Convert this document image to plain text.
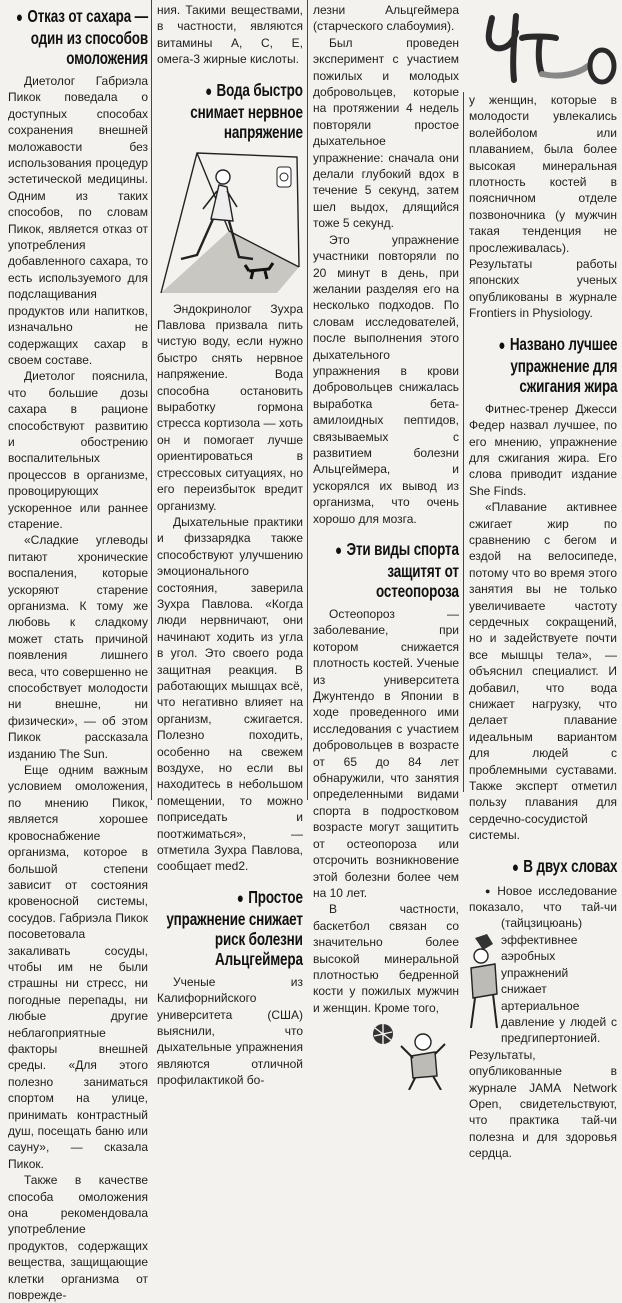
● Отказ от сахара — один из способов омоложения

Диетолог Габриэла Пикок поведала о доступных способах сохранения внешней моложавости без использования процедур эстетической медицины. Одним из таких способов, по словам Пикок, является отказ от употребления добавленного сахара, то есть используемого для подслащивания продуктов или напитков, изначально не содержащих сахар в своем составе.

Диетолог пояснила, что большие дозы сахара в рационе способствуют развитию и обострению воспалительных процессов в организме, провоцирующих ускоренное или раннее старение.

«Сладкие углеводы питают хронические воспаления, которые ускоряют старение организма. К тому же любовь к сладкому может стать причиной появления лишнего веса, что совершенно не способствует молодости ни внешне, ни физически», — об этом Пикок рассказала изданию The Sun.

Еще одним важным условием омоложения, по мнению Пикок, является хорошее кровоснабжение организма, которое в большой степени зависит от состояния кровеносной системы, сосудов. Габриэла Пикок посоветовала закаливать сосуды, чтобы им не были страшны ни стресс, ни погодные перепады, ни любые другие неблагоприятные факторы внешней среды. «Для этого полезно заниматься спортом на улице, принимать контрастный душ, посещать баню или сауну», — сказала Пикок.

Также в качестве способа омоложения она рекомендовала употребление продуктов, содержащих вещества, защищающие клетки организма от поврежде-

ния. Такими веществами, в частности, являются витамины A, C, E, омега-3 жирные кислоты.

● Вода быстро снимает нервное напряжение

Эндокринолог Зухра Павлова призвала пить чистую воду, если нужно быстро снять нервное напряжение. Вода способна остановить выработку гормона стресса кортизола — хоть он и помогает лучше ориентироваться в стрессовых ситуациях, но его переизбыток вредит организму.

Дыхательные практики и физзарядка также способствуют улучшению эмоционального состояния, заверила Зухра Павлова. «Когда люди нервничают, они начинают ходить из угла в угол. Это своего рода защитная реакция. В работающих мышцах всё, что негативно влияет на организм, сжигается. Полезно походить, особенно на свежем воздухе, но если вы находитесь в небольшом помещении, то можно поприседать и поотжиматься», — отметила Зухра Павлова, сообщает med2.

● Простое упражнение снижает риск болезни Альцгеймера

Ученые из Калифорнийского университета (США) выяснили, что дыхательные упражнения являются отличной профилактикой бо-

лезни Альцгеймера (старческого слабоумия).

Был проведен эксперимент с участием пожилых и молодых добровольцев, которые на протяжении 4 недель повторяли простое дыхательное упражнение: сначала они делали глубокий вдох в течение 5 секунд, затем шел выдох, длящийся тоже 5 секунд.

Это упражнение участники повторяли по 20 минут в день, при желании разделяя его на несколько подходов. По словам исследователей, после выполнения этого дыхательного упражнения в крови добровольцев снижалась выработка бета-амилоидных пептидов, связываемых с развитием болезни Альцгеймера, и ускорялся их вывод из организма, что очень хорошо для мозга.

● Эти виды спорта защитят от остеопороза

Остеопороз — заболевание, при котором снижается плотность костей. Ученые из университета Джунтендо в Японии в ходе проведенного ими исследования с участием добровольцев в возрасте от 65 до 84 лет обнаружили, что занятия определенными видами спорта в подростковом возрасте могут защитить от остеопороза или отсрочить возникновение этой болезни более чем на 10 лет.

В частности, баскетбол связан со значительно более высокой минеральной плотностью бедренной кости у пожилых мужчин и женщин. Кроме того,

у женщин, которые в молодости увлекались волейболом или плаванием, была более высокая минеральная плотность костей в поясничном отделе позвоночника (у мужчин такая тенденция не прослеживалась). Результаты работы японских ученых опубликованы в журнале Frontiers in Physiology.

● Названо лучшее упражнение для сжигания жира

Фитнес-тренер Джесси Федер назвал лучшее, по его мнению, упражнение для сжигания жира. Его слова приводит издание She Finds.

«Плавание активнее сжигает жир по сравнению с бегом и ездой на велосипеде, потому что во время этого занятия вы не только увеличиваете частоту сердечных сокращений, но и задействуете почти все мышцы тела», — объяснил специалист. И добавил, что вода снижает нагрузку, что делает плавание идеальным вариантом для людей с проблемными суставами. Также эксперт отметил пользу плавания для сердечно-сосудистой системы.

● В двух словах

● Новое исследование показало, что тай-чи (тайцзицюань) эффективнее аэробных упражнений снижает артериальное давление у людей с предгипертонией. Результаты, опубликованные в журнале JAMA Network Open, свидетельствуют, что практика тай-чи полезна и для здоровья сердца.
